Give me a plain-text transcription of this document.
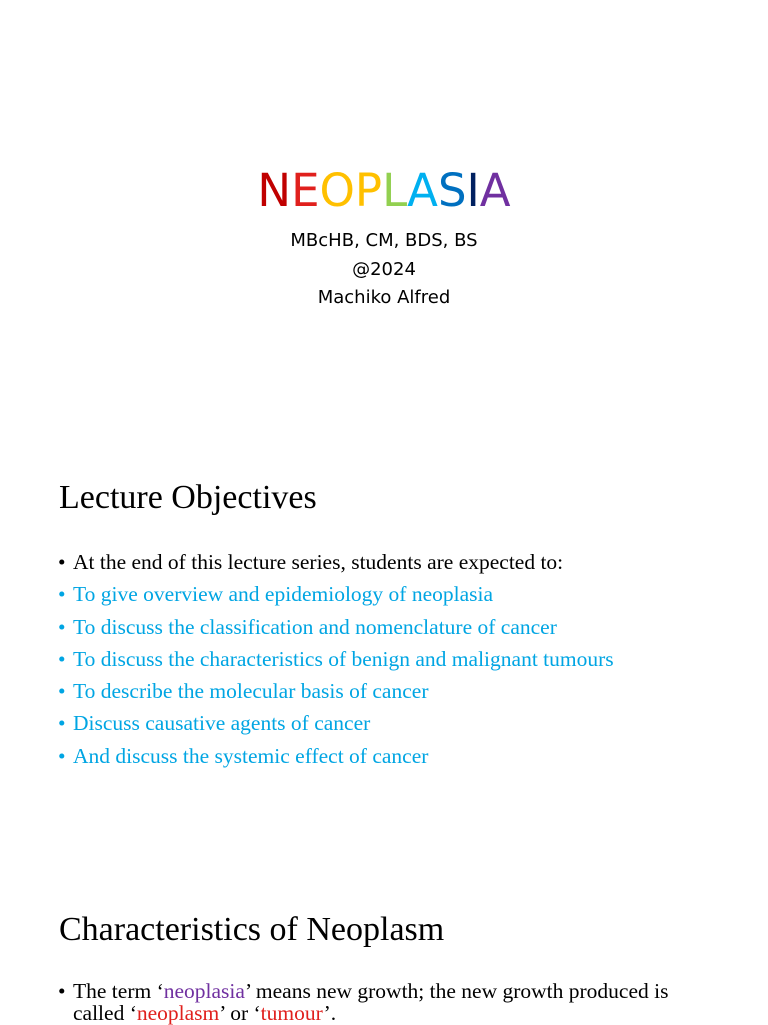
NEOPLASIA
MBcHB, CM, BDS, BS
@2024
Machiko Alfred
Lecture Objectives
• At the end of this lecture series, students are expected to:
• To give overview and epidemiology of neoplasia
• To discuss the classification and nomenclature of cancer
• To discuss the characteristics of benign and malignant tumours
• To describe the molecular basis of cancer
• Discuss causative agents of cancer
• And discuss the systemic effect of cancer
Characteristics of Neoplasm
• The term ‘neoplasia’ means new growth; the new growth produced is called ‘neoplasm’ or ‘tumour’.
